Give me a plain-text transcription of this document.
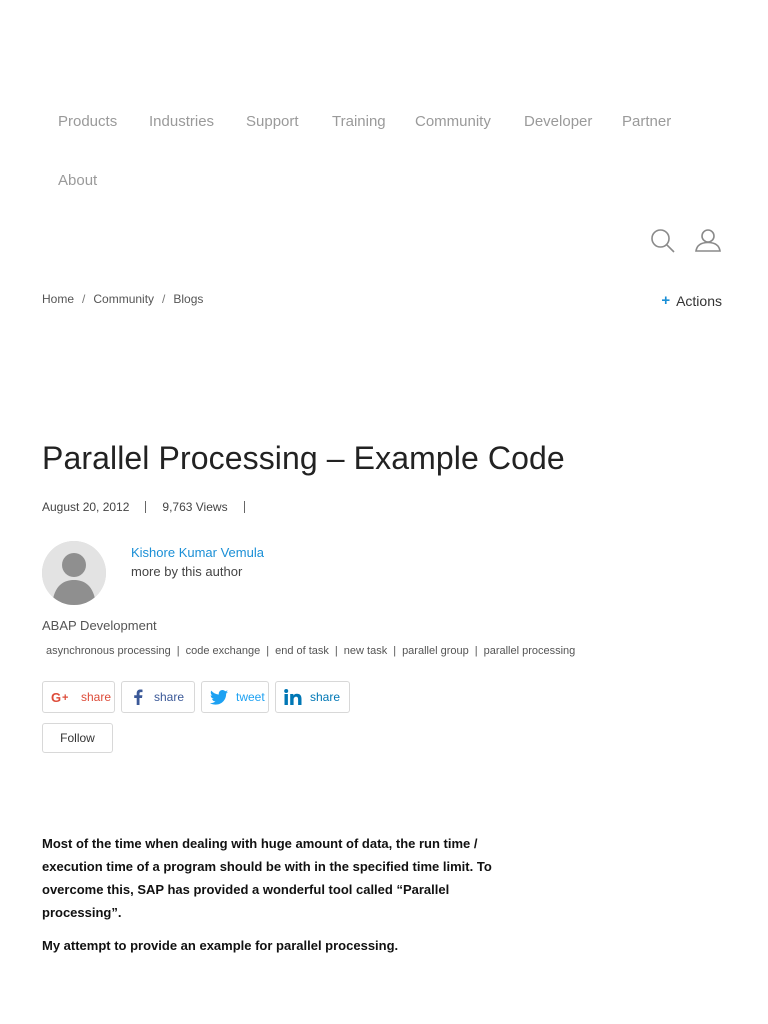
Products Industries Support Training Community Developer Partner
About
Home / Community / Blogs	+ Actions
Parallel Processing – Example Code
August 20, 2012	9,763 Views
Kishore Kumar Vemula
more by this author
ABAP Development
asynchronous processing | code exchange | end of task | new task | parallel group | parallel processing
G + share	share	tweet	share
Follow

Most of the time when dealing with huge amount of data, the run time / execution time of a program should be with in the specified time limit. To overcome this, SAP has provided a wonderful tool called “Parallel processing”.

My attempt to provide an example for parallel processing.
